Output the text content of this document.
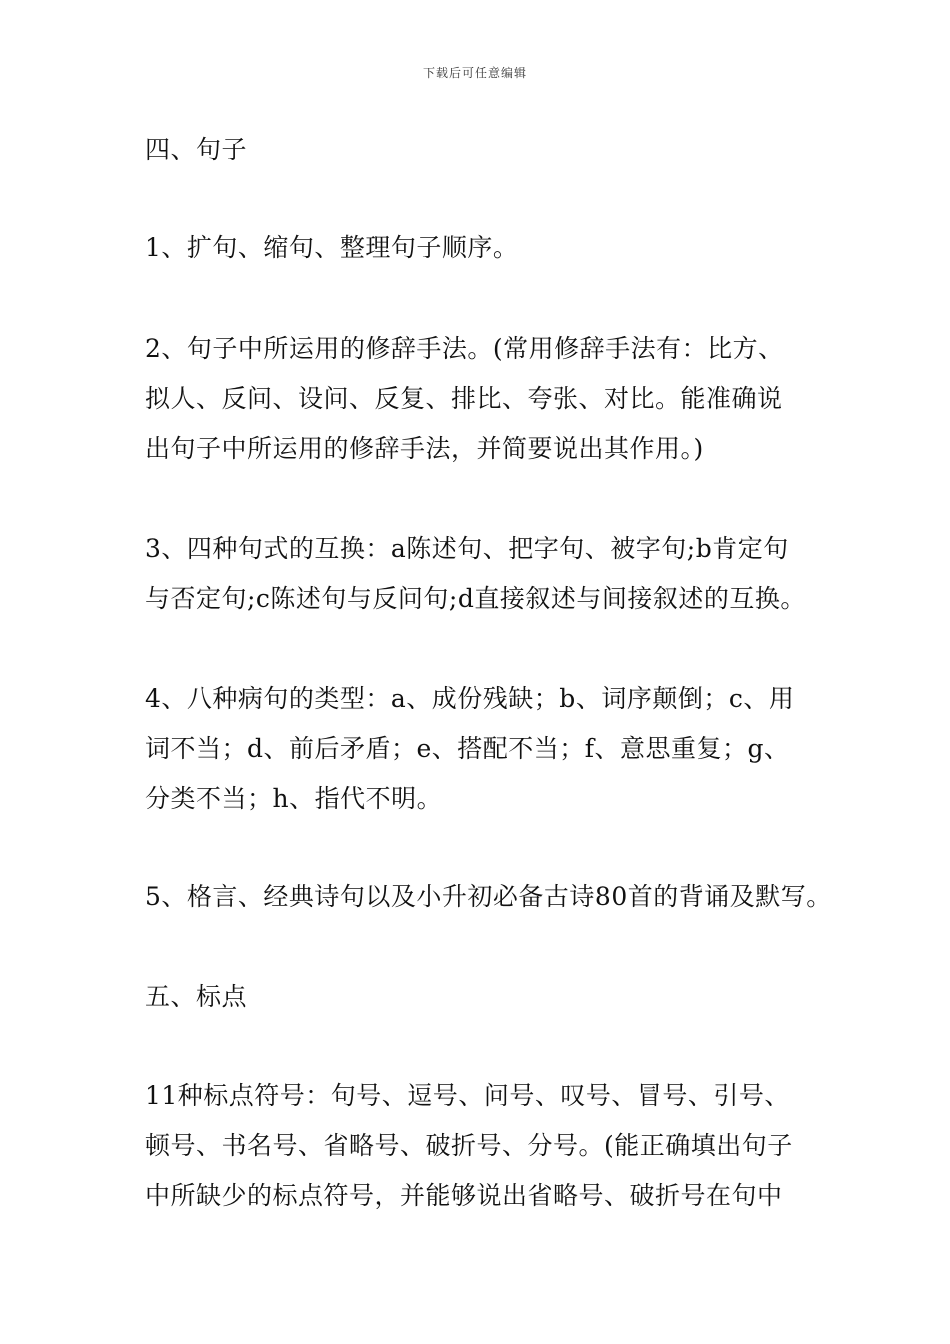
下载后可任意编辑
四、句子
1、扩句、缩句、整理句子顺序。
2、句子中所运用的修辞手法。(常用修辞手法有：比方、
拟人、反问、设问、反复、排比、夸张、对比。能准确说
出句子中所运用的修辞手法，并简要说出其作用。)
3、四种句式的互换：a陈述句、把字句、被字句;b肯定句
与否定句;c陈述句与反问句;d直接叙述与间接叙述的互换。
4、八种病句的类型：a、成份残缺；b、词序颠倒；c、用
词不当；d、前后矛盾；e、搭配不当；f、意思重复；g、
分类不当；h、指代不明。
5、格言、经典诗句以及小升初必备古诗80首的背诵及默写。
五、标点
11种标点符号：句号、逗号、问号、叹号、冒号、引号、
顿号、书名号、省略号、破折号、分号。(能正确填出句子
中所缺少的标点符号，并能够说出省略号、破折号在句中
